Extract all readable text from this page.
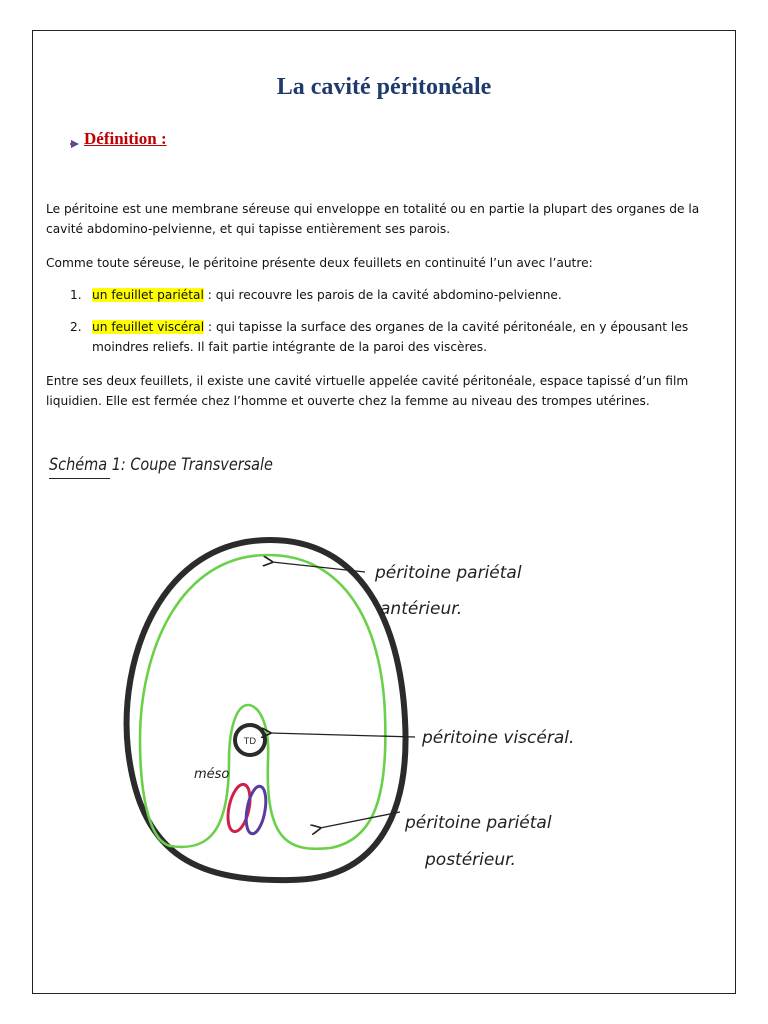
La cavité péritonéale
Définition :
Le péritoine est une membrane séreuse qui enveloppe en totalité ou en partie la plupart des organes de la cavité abdomino-pelvienne, et qui tapisse entièrement ses parois.
Comme toute séreuse, le péritoine présente deux feuillets en continuité l’un avec l’autre:
1. un feuillet pariétal : qui recouvre les parois de la cavité abdomino-pelvienne.
2. un feuillet viscéral : qui tapisse la surface des organes de la cavité péritonéale, en y épousant les moindres reliefs. Il fait partie intégrante de la paroi des viscères.
Entre ses deux feuillets, il existe une cavité virtuelle appelée cavité péritonéale, espace tapissé d’un film liquidien. Elle est fermée chez l’homme et ouverte chez la femme au niveau des trompes utérines.
Schéma 1: Coupe Transversale
TD
méso
péritoine pariétal
antérieur.
péritoine viscéral.
péritoine pariétal
postérieur.
